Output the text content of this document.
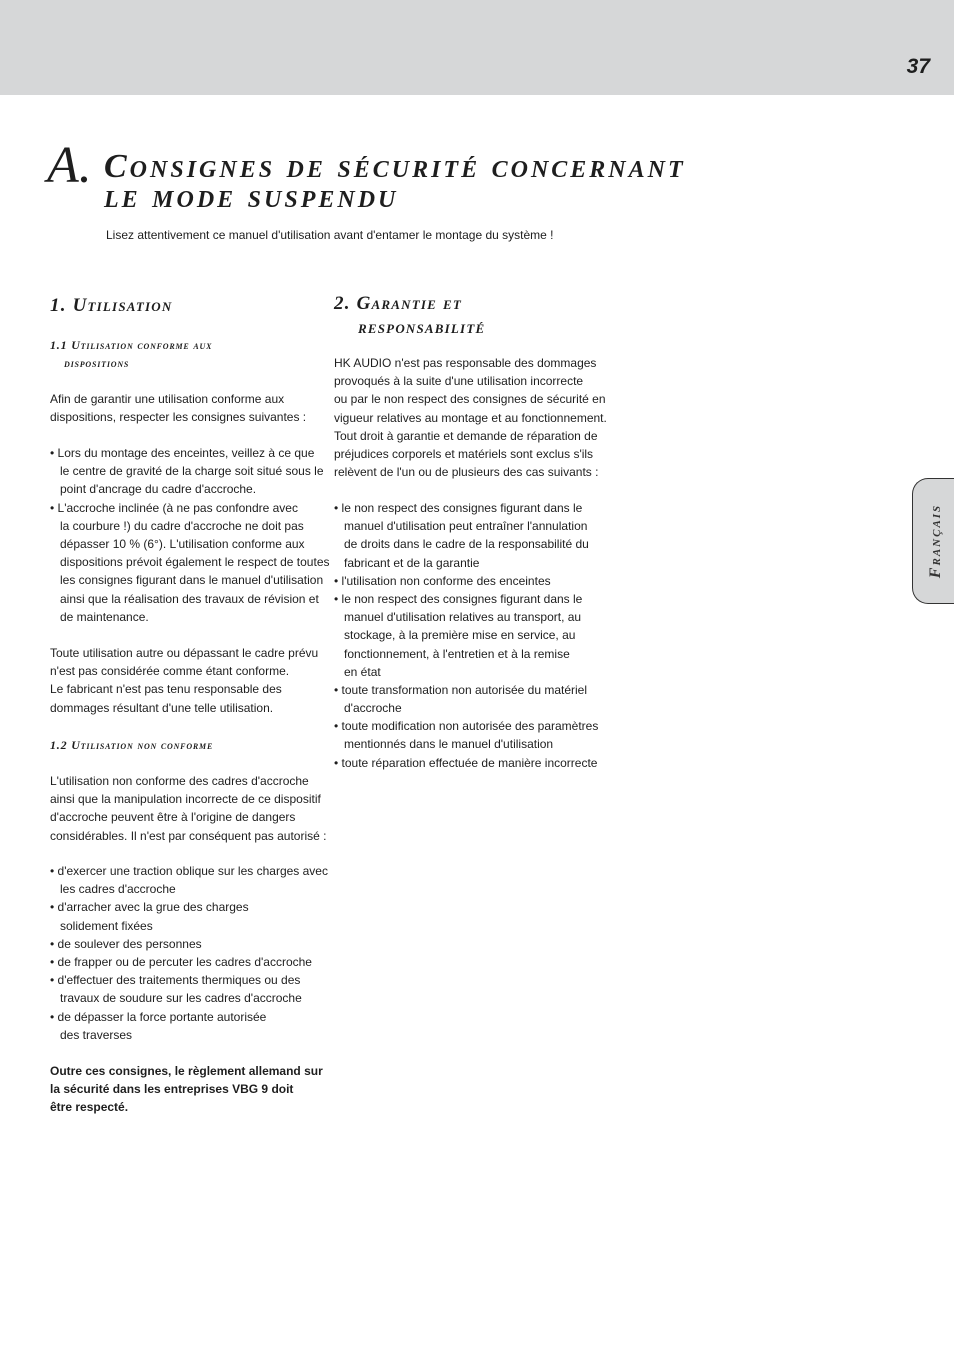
37
A. Consignes de sécurité concernant
le mode suspendu
Lisez attentivement ce manuel d'utilisation avant d'entamer le montage du système !
1. Utilisation
1.1 Utilisation conforme aux
dispositions
Afin de garantir une utilisation conforme aux
dispositions, respecter les consignes suivantes :
• Lors du montage des enceintes, veillez à ce que
le centre de gravité de la charge soit situé sous le
point d'ancrage du cadre d'accroche.
• L'accroche inclinée (à ne pas confondre avec
la courbure !) du cadre d'accroche ne doit pas
dépasser 10 % (6°). L'utilisation conforme aux
dispositions prévoit également le respect de toutes
les consignes figurant dans le manuel d'utilisation
ainsi que la réalisation des travaux de révision et
de maintenance.
Toute utilisation autre ou dépassant le cadre prévu
n'est pas considérée comme étant conforme.
Le fabricant n'est pas tenu responsable des
dommages résultant d'une telle utilisation.
1.2 Utilisation non conforme
L'utilisation non conforme des cadres d'accroche
ainsi que la manipulation incorrecte de ce dispositif
d'accroche peuvent être à l'origine de dangers
considérables. Il n'est par conséquent pas autorisé :
• d'exercer une traction oblique sur les charges avec
les cadres d'accroche
• d'arracher avec la grue des charges
solidement fixées
• de soulever des personnes
• de frapper ou de percuter les cadres d'accroche
• d'effectuer des traitements thermiques ou des
travaux de soudure sur les cadres d'accroche
• de dépasser la force portante autorisée
des traverses
Outre ces consignes, le règlement allemand sur
la sécurité dans les entreprises VBG 9 doit
être respecté.
2. Garantie et
responsabilité
HK AUDIO n'est pas responsable des dommages
provoqués à la suite d'une utilisation incorrecte
ou par le non respect des consignes de sécurité en
vigueur relatives au montage et au fonctionnement.
Tout droit à garantie et demande de réparation de
préjudices corporels et matériels sont exclus s'ils
relèvent de l'un ou de plusieurs des cas suivants :
• le non respect des consignes figurant dans le
manuel d'utilisation peut entraîner l'annulation
de droits dans le cadre de la responsabilité du
fabricant et de la garantie
• l'utilisation non conforme des enceintes
• le non respect des consignes figurant dans le
manuel d'utilisation relatives au transport, au
stockage, à la première mise en service, au
fonctionnement, à l'entretien et à la remise
en état
• toute transformation non autorisée du matériel
d'accroche
• toute modification non autorisée des paramètres
mentionnés dans le manuel d'utilisation
• toute réparation effectuée de manière incorrecte
Français
